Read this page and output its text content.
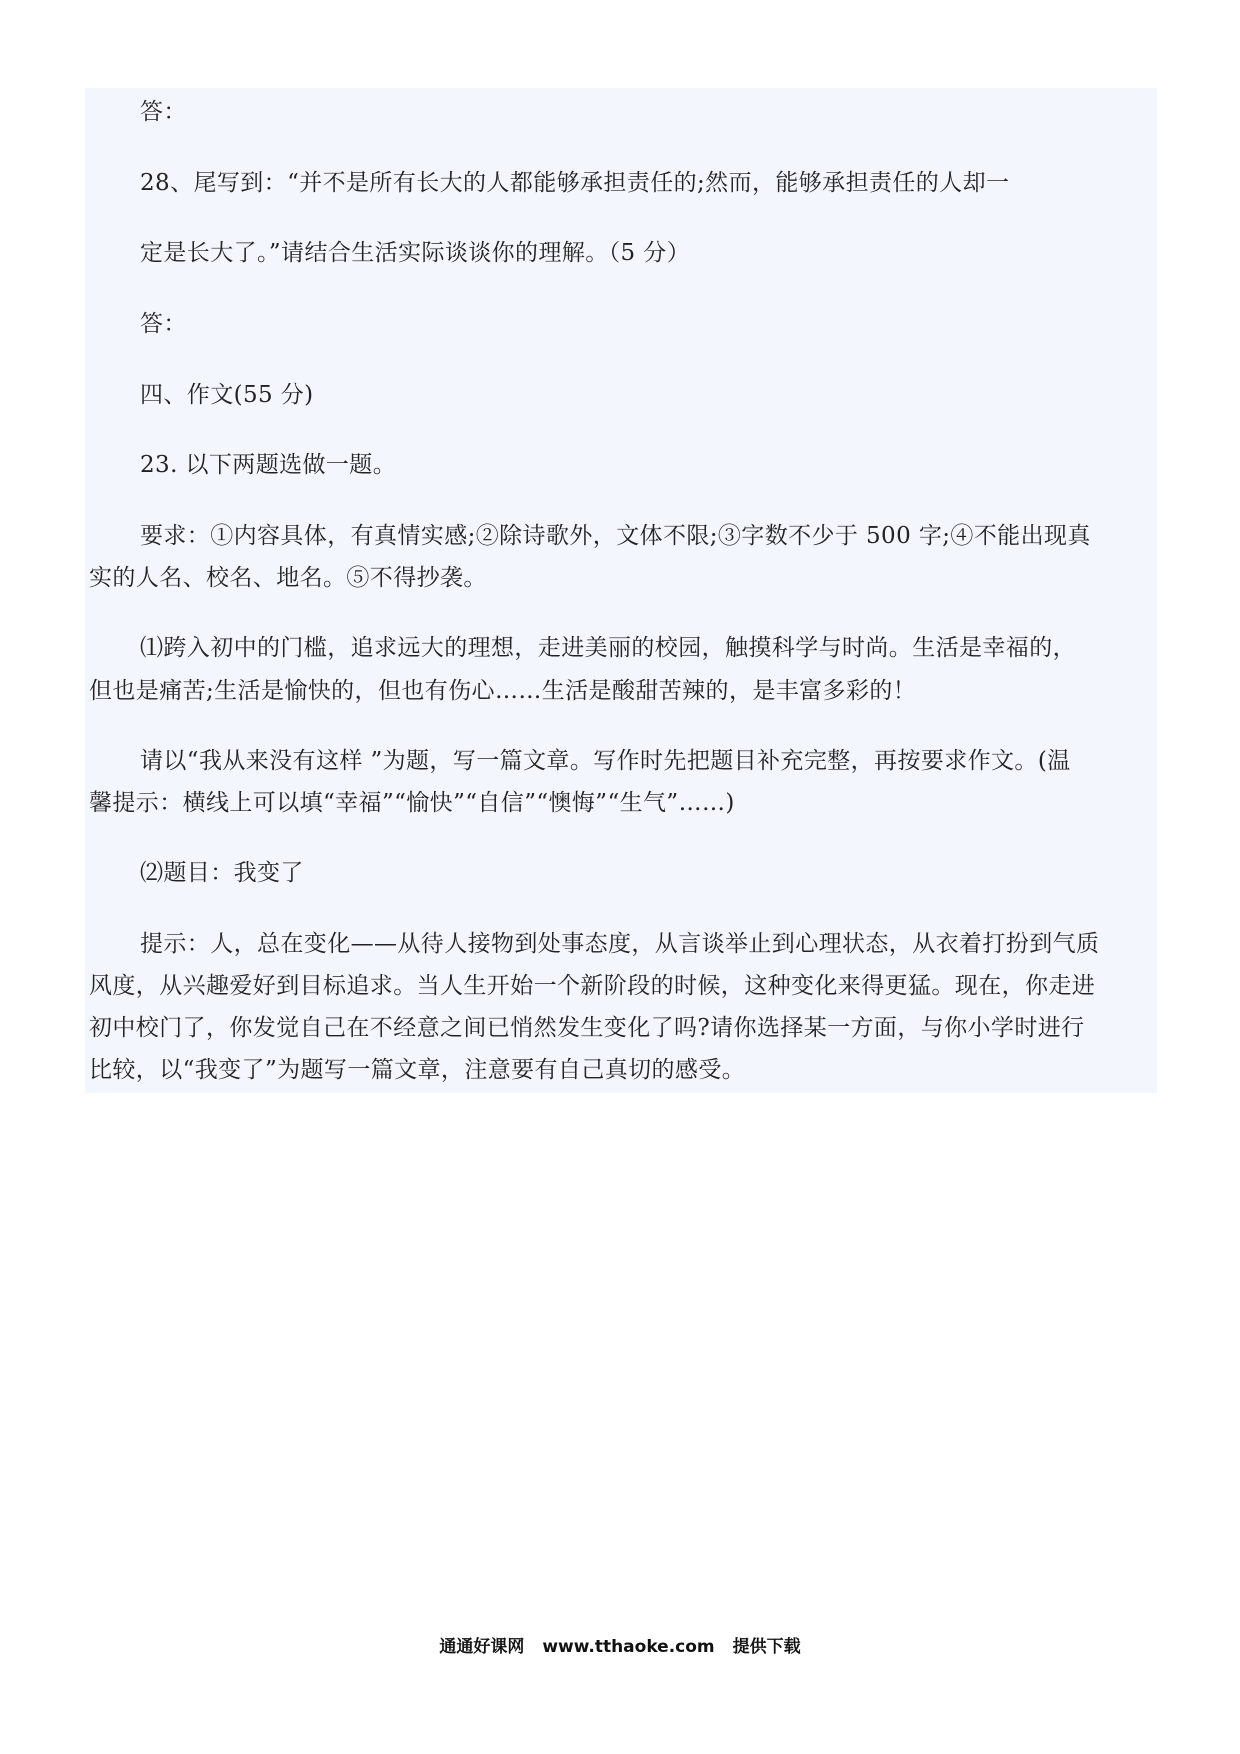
答：
28、尾写到：“并不是所有长大的人都能够承担责任的;然而，能够承担责任的人却一
定是长大了。”请结合生活实际谈谈你的理解。（5 分）
答：
四、作文(55 分)
23. 以下两题选做一题。
要求：①内容具体，有真情实感;②除诗歌外，文体不限;③字数不少于 500 字;④不能出现真
实的人名、校名、地名。⑤不得抄袭。
⑴跨入初中的门槛，追求远大的理想，走进美丽的校园，触摸科学与时尚。生活是幸福的，
但也是痛苦;生活是愉快的，但也有伤心……生活是酸甜苦辣的，是丰富多彩的！
请以“我从来没有这样 ”为题，写一篇文章。写作时先把题目补充完整，再按要求作文。(温
馨提示：横线上可以填“幸福”“愉快”“自信”“懊悔”“生气”……)
⑵题目：我变了
提示：人，总在变化——从待人接物到处事态度，从言谈举止到心理状态，从衣着打扮到气质
风度，从兴趣爱好到目标追求。当人生开始一个新阶段的时候，这种变化来得更猛。现在，你走进
初中校门了，你发觉自己在不经意之间已悄然发生变化了吗?请你选择某一方面，与你小学时进行
比较，以“我变了”为题写一篇文章，注意要有自己真切的感受。
通通好课网 www.tthaoke.com 提供下载
